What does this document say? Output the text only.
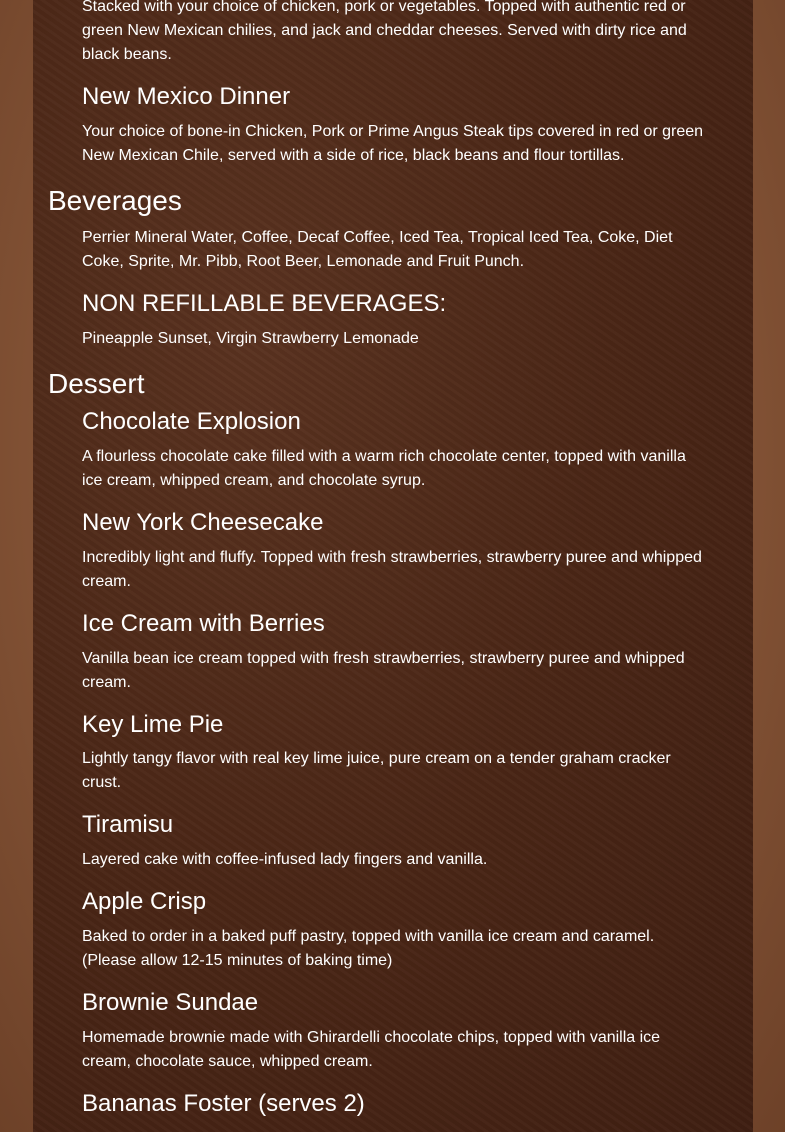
Stacked with your choice of chicken, pork or vegetables. Topped with authentic red or green New Mexican chilies, and jack and cheddar cheeses. Served with dirty rice and black beans.

New Mexico Dinner

Your choice of bone-in Chicken, Pork or Prime Angus Steak tips covered in red or green New Mexican Chile, served with a side of rice, black beans and flour tortillas.

Beverages

Perrier Mineral Water, Coffee, Decaf Coffee, Iced Tea, Tropical Iced Tea, Coke, Diet Coke, Sprite, Mr. Pibb, Root Beer, Lemonade and Fruit Punch.

NON REFILLABLE BEVERAGES:

Pineapple Sunset, Virgin Strawberry Lemonade

Dessert
Chocolate Explosion

A flourless chocolate cake filled with a warm rich chocolate center, topped with vanilla ice cream, whipped cream, and chocolate syrup.

New York Cheesecake

Incredibly light and fluffy. Topped with fresh strawberries, strawberry puree and whipped cream.

Ice Cream with Berries

Vanilla bean ice cream topped with fresh strawberries, strawberry puree and whipped cream.

Key Lime Pie

Lightly tangy flavor with real key lime juice, pure cream on a tender graham cracker crust.

Tiramisu

Layered cake with coffee-infused lady fingers and vanilla.

Apple Crisp

Baked to order in a baked puff pastry, topped with vanilla ice cream and caramel. (Please allow 12-15 minutes of baking time)

Brownie Sundae

Homemade brownie made with Ghirardelli chocolate chips, topped with vanilla ice cream, chocolate sauce, whipped cream.

Bananas Foster (serves 2)
